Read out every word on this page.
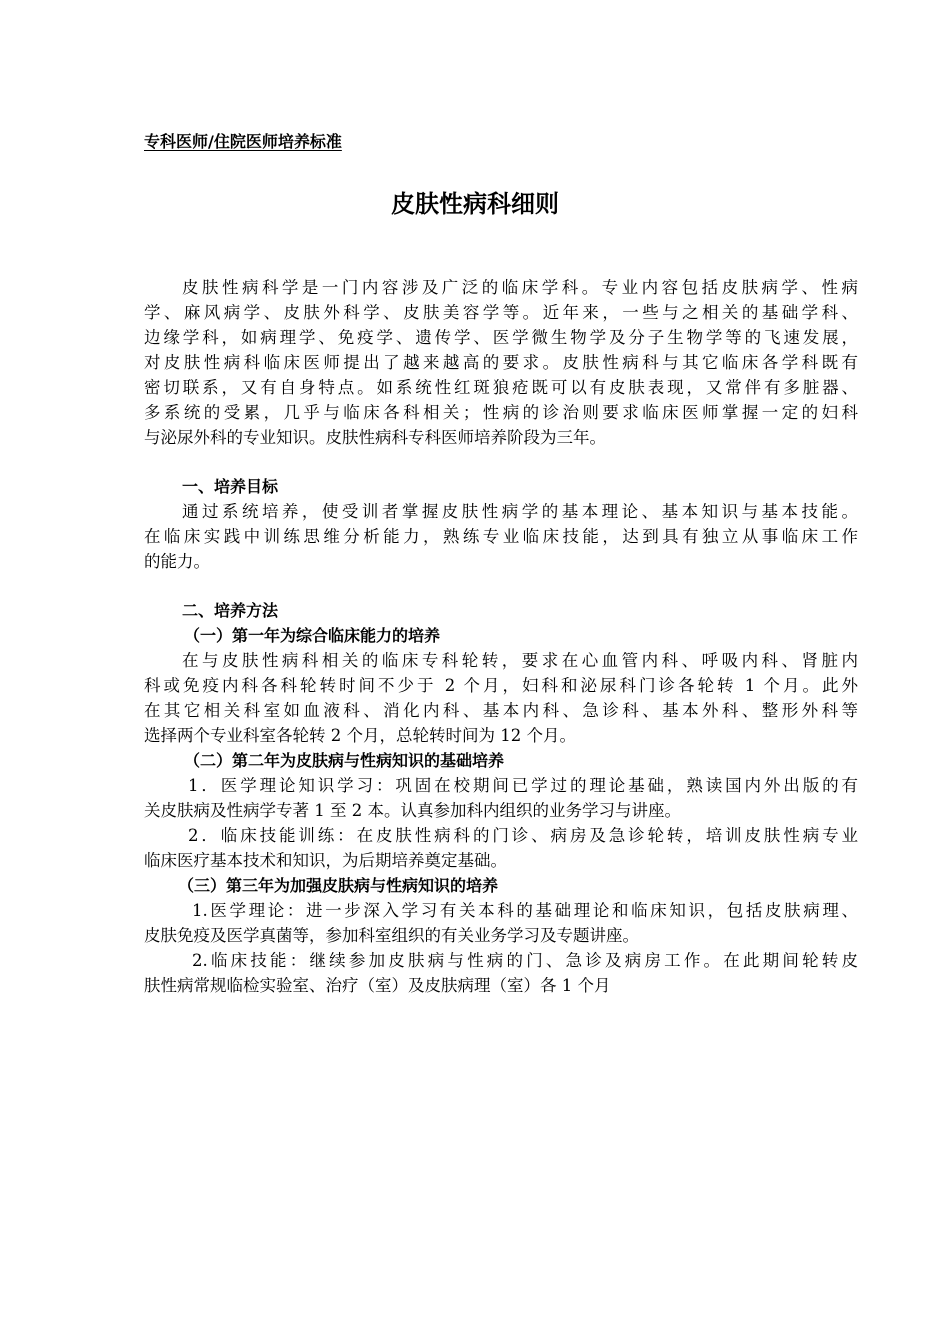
专科医师/住院医师培养标准
皮肤性病科细则
皮肤性病科学是一门内容涉及广泛的临床学科。专业内容包括皮肤病学、性病
学、麻风病学、皮肤外科学、皮肤美容学等。近年来，一些与之相关的基础学科、
边缘学科，如病理学、免疫学、遗传学、医学微生物学及分子生物学等的飞速发展，
对皮肤性病科临床医师提出了越来越高的要求。皮肤性病科与其它临床各学科既有
密切联系，又有自身特点。如系统性红斑狼疮既可以有皮肤表现，又常伴有多脏器、
多系统的受累，几乎与临床各科相关；性病的诊治则要求临床医师掌握一定的妇科
与泌尿外科的专业知识。皮肤性病科专科医师培养阶段为三年。
一、培养目标
通过系统培养，使受训者掌握皮肤性病学的基本理论、基本知识与基本技能。
在临床实践中训练思维分析能力，熟练专业临床技能，达到具有独立从事临床工作
的能力。
二、培养方法
（一）第一年为综合临床能力的培养
在与皮肤性病科相关的临床专科轮转，要求在心血管内科、呼吸内科、肾脏内
科或免疫内科各科轮转时间不少于 2 个月，妇科和泌尿科门诊各轮转 1 个月。此外
在其它相关科室如血液科、消化内科、基本内科、急诊科、基本外科、整形外科等
选择两个专业科室各轮转 2 个月，总轮转时间为 12 个月。
（二）第二年为皮肤病与性病知识的基础培养
1．医学理论知识学习：巩固在校期间已学过的理论基础，熟读国内外出版的有
关皮肤病及性病学专著 1 至 2 本。认真参加科内组织的业务学习与讲座。
2．临床技能训练：在皮肤性病科的门诊、病房及急诊轮转，培训皮肤性病专业
临床医疗基本技术和知识，为后期培养奠定基础。
（三）第三年为加强皮肤病与性病知识的培养
1.医学理论：进一步深入学习有关本科的基础理论和临床知识，包括皮肤病理、
皮肤免疫及医学真菌等，参加科室组织的有关业务学习及专题讲座。
2.临床技能：继续参加皮肤病与性病的门、急诊及病房工作。在此期间轮转皮
肤性病常规临检实验室、治疗（室）及皮肤病理（室）各 1 个月
